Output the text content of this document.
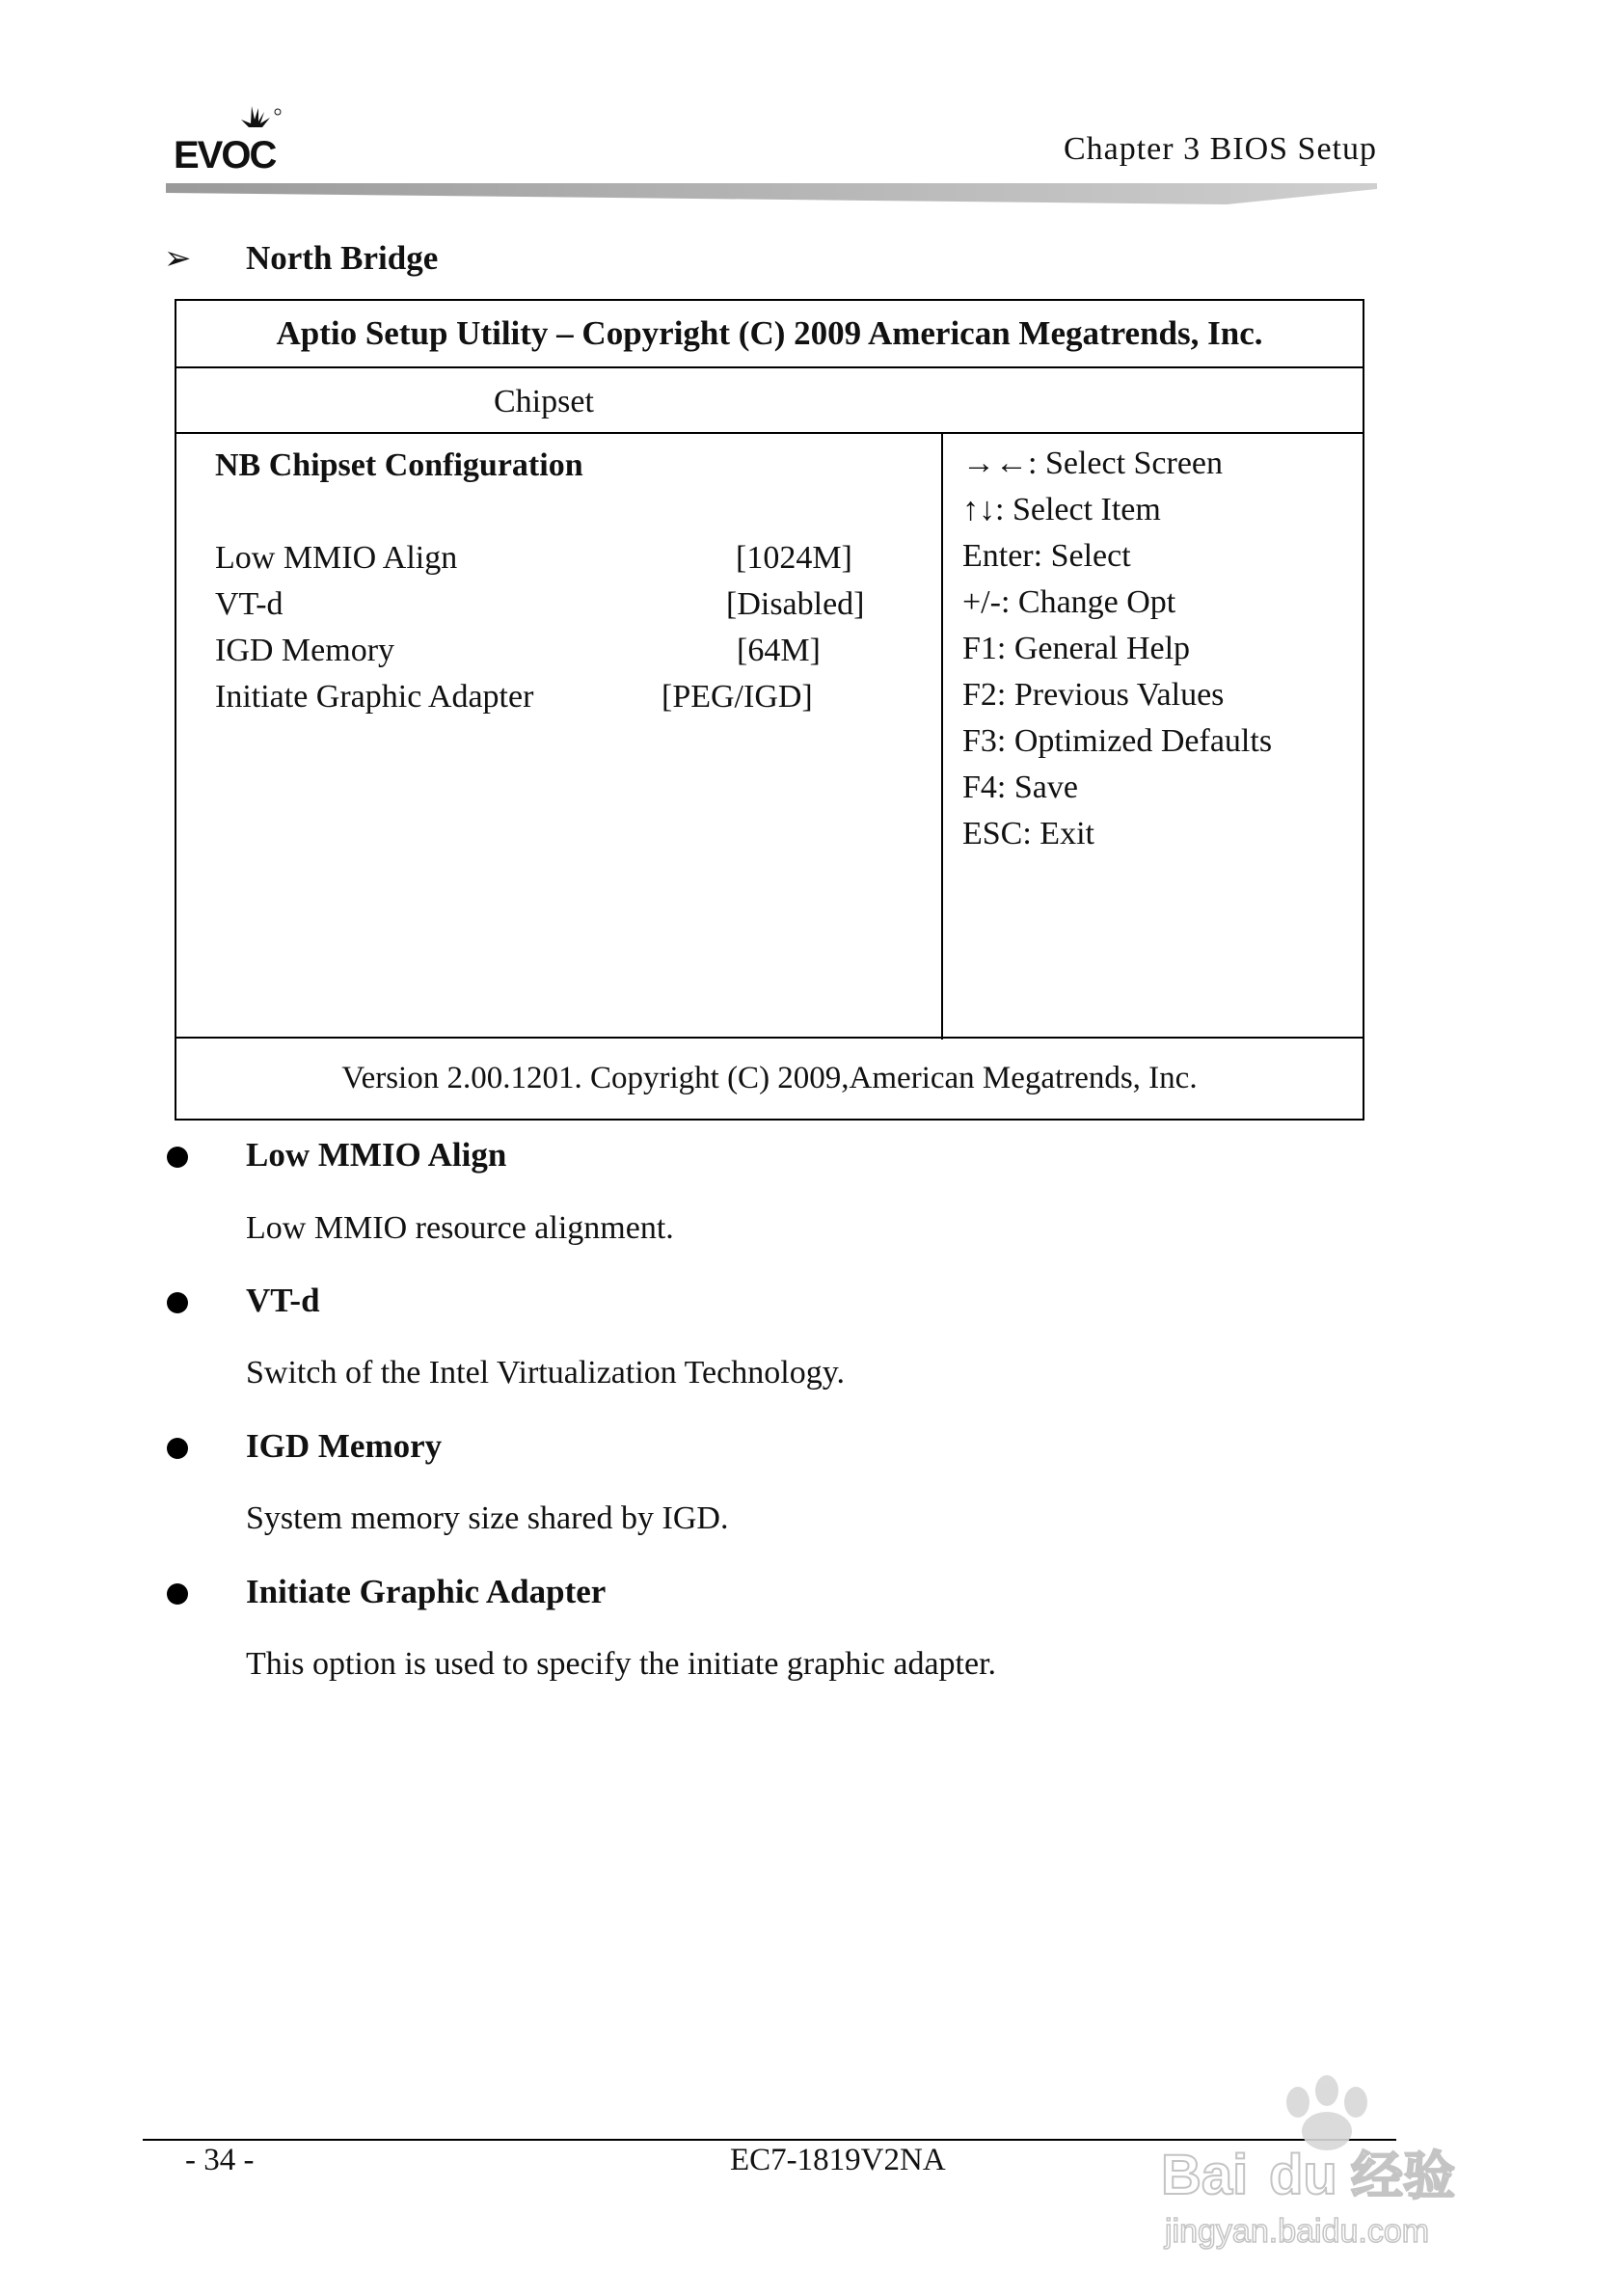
EVOC	Chapter 3 BIOS Setup
➢ North Bridge
Aptio Setup Utility – Copyright (C) 2009 American Megatrends, Inc.
Chipset
NB Chipset Configuration
Low MMIO Align	[1024M]
VT-d	[Disabled]
IGD Memory	[64M]
Initiate Graphic Adapter	[PEG/IGD]
→←: Select Screen
↑↓: Select Item
Enter: Select
+/-: Change Opt
F1: General Help
F2: Previous Values
F3: Optimized Defaults
F4: Save
ESC: Exit
Version 2.00.1201. Copyright (C) 2009,American Megatrends, Inc.
Low MMIO Align
Low MMIO resource alignment.
VT-d
Switch of the Intel Virtualization Technology.
IGD Memory
System memory size shared by IGD.
Initiate Graphic Adapter
This option is used to specify the initiate graphic adapter.
- 34 -	EC7-1819V2NA	Bai du 经验
jingyan.baidu.com
